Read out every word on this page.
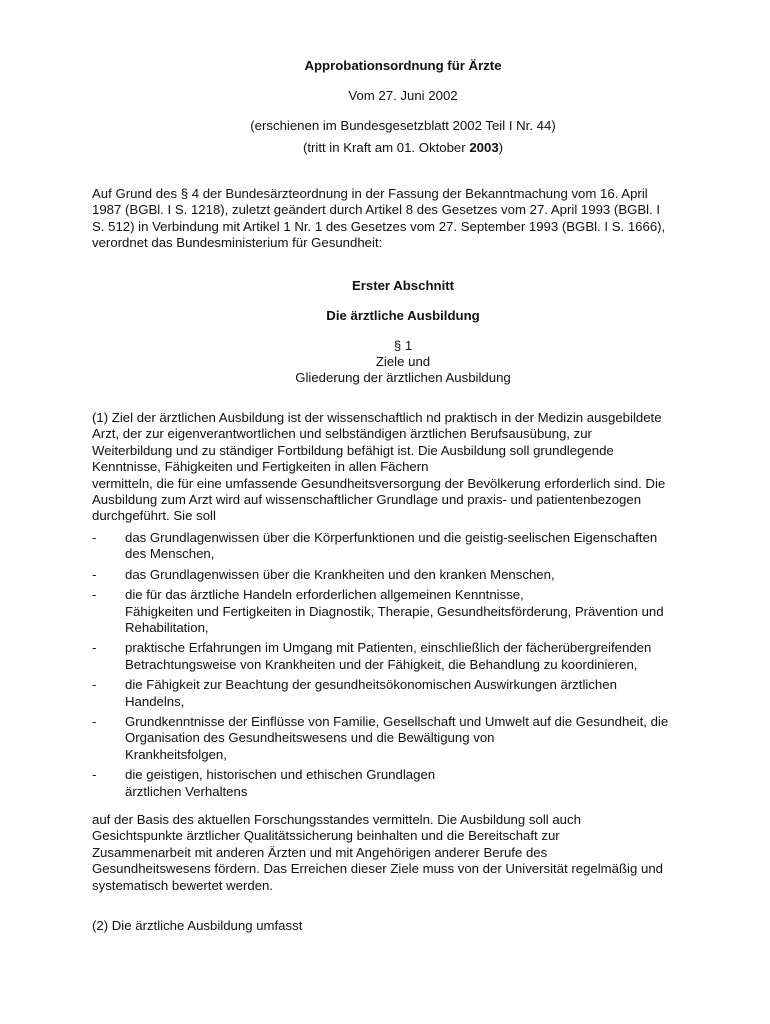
Approbationsordnung für Ärzte
Vom 27. Juni 2002
(erschienen im Bundesgesetzblatt 2002 Teil I Nr. 44)
(tritt in Kraft am 01. Oktober 2003)
Auf Grund des § 4 der Bundesärzteordnung in der Fassung der Bekanntmachung vom 16. April
1987 (BGBl. I S. 1218), zuletzt geändert durch Artikel 8 des Gesetzes vom 27. April 1993 (BGBl. I
S. 512) in Verbindung mit Artikel 1 Nr. 1 des Gesetzes vom 27. September 1993 (BGBl. I S. 1666),
verordnet das Bundesministerium für Gesundheit:
Erster Abschnitt
Die ärztliche Ausbildung
§ 1
Ziele und
Gliederung der ärztlichen Ausbildung
(1) Ziel der ärztlichen Ausbildung ist der wissenschaftlich nd praktisch in der Medizin ausgebildete
Arzt, der zur eigenverantwortlichen und selbständigen ärztlichen Berufsausübung, zur
Weiterbildung und zu ständiger Fortbildung befähigt ist. Die Ausbildung soll grundlegende
Kenntnisse, Fähigkeiten und Fertigkeiten in allen Fächern
vermitteln, die für eine umfassende Gesundheitsversorgung der Bevölkerung erforderlich sind. Die
Ausbildung zum Arzt wird auf wissenschaftlicher Grundlage und praxis- und patientenbezogen
durchgeführt. Sie soll
- das Grundlagenwissen über die Körperfunktionen und die geistig-seelischen Eigenschaften
des Menschen,
- das Grundlagenwissen über die Krankheiten und den kranken Menschen,
- die für das ärztliche Handeln erforderlichen allgemeinen Kenntnisse,
Fähigkeiten und Fertigkeiten in Diagnostik, Therapie, Gesundheitsförderung, Prävention und
Rehabilitation,
- praktische Erfahrungen im Umgang mit Patienten, einschließlich der fächerübergreifenden
Betrachtungsweise von Krankheiten und der Fähigkeit, die Behandlung zu koordinieren,
- die Fähigkeit zur Beachtung der gesundheitsökonomischen Auswirkungen ärztlichen
Handelns,
- Grundkenntnisse der Einflüsse von Familie, Gesellschaft und Umwelt auf die Gesundheit, die
Organisation des Gesundheitswesens und die Bewältigung von
Krankheitsfolgen,
- die geistigen, historischen und ethischen Grundlagen
ärztlichen Verhaltens
auf der Basis des aktuellen Forschungsstandes vermitteln. Die Ausbildung soll auch
Gesichtspunkte ärztlicher Qualitätssicherung beinhalten und die Bereitschaft zur
Zusammenarbeit mit anderen Ärzten und mit Angehörigen anderer Berufe des
Gesundheitswesens fördern. Das Erreichen dieser Ziele muss von der Universität regelmäßig und
systematisch bewertet werden.
(2) Die ärztliche Ausbildung umfasst
